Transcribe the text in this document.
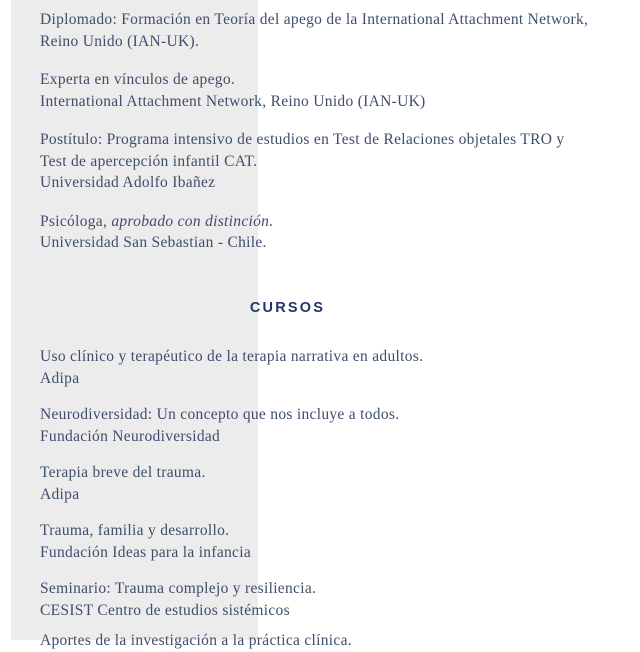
Diplomado: Formación en Teoría del apego de la International Attachment Network,
Reino Unido (IAN-UK).
Experta en vínculos de apego.
International Attachment Network, Reino Unido (IAN-UK)
Postítulo: Programa intensivo de estudios en Test de Relaciones objetales TRO y
Test de apercepción infantil CAT.
Universidad Adolfo Ibañez
Psicóloga, aprobado con distinción.
Universidad San Sebastian - Chile.
CURSOS
Uso clínico y terapéutico de la terapia narrativa en adultos.
Adipa
Neurodiversidad: Un concepto que nos incluye a todos.
Fundación Neurodiversidad
Terapia breve del trauma.
Adipa
Trauma, familia y desarrollo.
Fundación Ideas para la infancia
Seminario: Trauma complejo y resiliencia.
CESIST Centro de estudios sistémicos
Aportes de la investigación a la práctica clínica.
